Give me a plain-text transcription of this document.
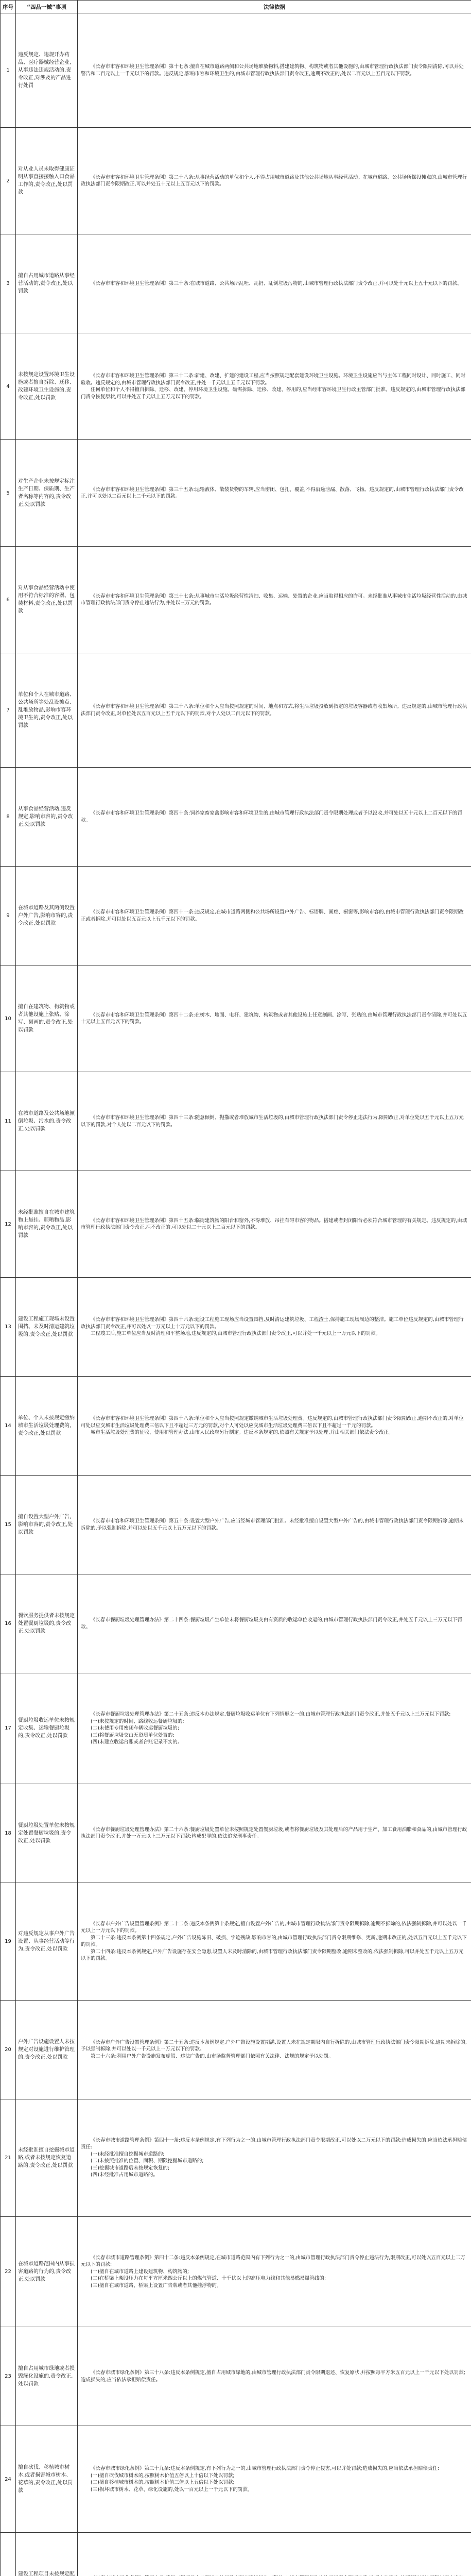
序号	“四品一械”事项	法律依据
1	违反规定、违规开办药品、医疗器械经营企业,从事违法违规活动的,责令改正,对涉及的产品进行处罚	《长春市市容和环境卫生管理条例》第十七条:擅自在城市道路两侧和公共场地堆放物料,搭建建筑物、构筑物或者其他设施的,由城市管理行政执法部门责令限期清除,可以并处警告和二百元以上一千元以下的罚款。违反规定,影响市容和环境卫生的,由城市管理行政执法部门责令改正,逾期不改正的,处以二百元以上五百元以下罚款。

2	对从业人员未取得健康证明从事直接接触入口食品工作的,责令改正,处以罚款	《长春市市容和环境卫生管理条例》第二十八条:从事经营活动的单位和个人,不得占用城市道路及其他公共场地从事经营活动。在城市道路、公共场所摆设摊点的,由城市管理行政执法部门责令限期改正,可以并处五十元以上五百元以下的罚款。

3	擅自占用城市道路从事经营活动的,责令改正,处以罚款	《长春市市容和环境卫生管理条例》第三十条:在城市道路、公共场所乱吐、乱扔、乱倒垃圾污物的,由城市管理行政执法部门责令改正,并可以处十元以上五十元以下的罚款。

4	未按规定设置环境卫生设施或者擅自拆除、迁移、改建环境卫生设施的,责令改正,处以罚款	《长春市市容和环境卫生管理条例》第三十二条:新建、改建、扩建的建设工程,应当按照规定配套建设环境卫生设施。环境卫生设施应当与主体工程同时设计、同时施工、同时验收。违反规定的,由城市管理行政执法部门责令改正,并处一千元以上五千元以下罚款。

任何单位和个人不得擅自拆除、迁移、改建、停用环境卫生设施。确需拆除、迁移、改建、停用的,应当经市容环境卫生行政主管部门批准。违反规定的,由城市管理行政执法部门责令恢复原状,可以并处五千元以上五万元以下的罚款。

5	对生产企业未按规定标注生产日期、保质期、生产者名称等内容的,责令改正,处以罚款	《长春市市容和环境卫生管理条例》第三十五条:运输液体、散装货物的车辆,应当密闭、包扎、覆盖,不得沿途泄漏、散落、飞扬。违反规定的,由城市管理行政执法部门责令改正,并可以处以二百元以上二千元以下的罚款。

6	对从事食品经营活动中使用不符合标准的容器、包装材料,责令改正,处以罚款	《长春市市容和环境卫生管理条例》第三十七条:从事城市生活垃圾经营性清扫、收集、运输、处置的企业,应当取得相应的许可。未经批准从事城市生活垃圾经营性活动的,由城市管理行政执法部门责令停止违法行为,并处以三万元的罚款。

7	单位和个人在城市道路、公共场所等处乱设摊点、乱堆放物品,影响市容环境卫生的,责令改正,处以罚款	《长春市市容和环境卫生管理条例》第三十八条:单位和个人应当按照规定的时间、地点和方式,将生活垃圾投放到指定的垃圾容器或者收集场所。违反规定的,由城市管理行政执法部门责令改正,对单位处以五百元以上五千元以下的罚款,对个人处以二百元以下的罚款。

8	从事食品经营活动,违反规定,影响市容的,责令改正,处以罚款	《长春市市容和环境卫生管理条例》第四十条:饲养家畜家禽影响市容和环境卫生的,由城市管理行政执法部门责令限期处理或者予以没收,并可处以五十元以上二百元以下的罚款。

9	在城市道路及其两侧设置户外广告,影响市容的,责令改正,处以罚款	《长春市市容和环境卫生管理条例》第四十一条:违反规定,在城市道路两侧和公共场所设置户外广告、标语牌、画廊、橱窗等,影响市容的,由城市管理行政执法部门责令限期改正或者拆除,并可以处以五百元以上五千元以下的罚款。

10	擅自在建筑物、构筑物或者其他设施上张贴、涂写、刻画的,责令改正,处以罚款	《长春市市容和环境卫生管理条例》第四十二条:在树木、地面、电杆、建筑物、构筑物或者其他设施上任意刻画、涂写、张贴的,由城市管理行政执法部门责令清除,并可处以五十元以上五百元以下的罚款。

11	在城市道路及公共场地倾倒垃圾、污水的,责令改正,处以罚款	《长春市市容和环境卫生管理条例》第四十三条:随意倾倒、抛撒或者堆放城市生活垃圾的,由城市管理行政执法部门责令停止违法行为,限期改正,对单位处以五千元以上五万元以下的罚款,对个人处以二百元以下的罚款。

12	未经批准擅自在城市建筑物上悬挂、晾晒物品,影响市容的,责令改正,处以罚款	《长春市市容和环境卫生管理条例》第四十五条:临街建筑物的阳台和窗外,不得堆放、吊挂有碍市容的物品。搭建或者封闭阳台必须符合城市管理的有关规定。违反规定的,由城市管理行政执法部门责令改正,拒不改正的,可以处以二十元以上二百元以下的罚款。

13	建设工程施工现场未设置围挡、未及时清运建筑垃圾的,责令改正,处以罚款	《长春市市容和环境卫生管理条例》第四十六条:建设工程施工现场应当设置围挡,及时清运建筑垃圾、工程渣土,保持施工现场周边的整洁。施工单位违反规定的,由城市管理行政执法部门责令改正,并可以处以一万元以上十万元以下的罚款。

工程竣工后,施工单位应当及时清理和平整场地,违反规定的,由城市管理行政执法部门责令改正,可以并处一千元以上一万元以下的罚款。

14	单位、个人未按规定缴纳城市生活垃圾处理费的,责令改正,处以罚款	《长春市市容和环境卫生管理条例》第四十八条:单位和个人应当按照规定缴纳城市生活垃圾处理费。违反规定的,由城市管理行政执法部门责令限期改正,逾期不改正的,对单位可处以应交城市生活垃圾处理费三倍以下且不超过三万元的罚款,对个人可处以应交城市生活垃圾处理费三倍以下且不超过一千元的罚款。

城市生活垃圾处理费的征收、使用和管理办法,由市人民政府另行制定。违反本条规定的,依照有关规定予以处理,并由相关部门依法责令改正。

15	擅自设置大型户外广告,影响市容的,责令改正,处以罚款	《长春市市容和环境卫生管理条例》第五十条:设置大型户外广告,应当经城市管理部门批准。未经批准擅自设置大型户外广告的,由城市管理行政执法部门责令限期拆除,逾期未拆除的,予以强制拆除,并可以处以五千元以上五万元以下的罚款。

16	餐饮服务提供者未按规定处置餐厨垃圾的,责令改正,处以罚款	《长春市餐厨垃圾处理管理办法》第二十四条:餐厨垃圾产生单位未将餐厨垃圾交由有资质的收运单位收运的,由城市管理行政执法部门责令改正,并处五千元以上三万元以下罚款。

17	餐厨垃圾收运单位未按规定收集、运输餐厨垃圾的,责令改正,处以罚款	《长春市餐厨垃圾处理管理办法》第二十五条:违反本办法规定,餐厨垃圾收运单位有下列情形之一的,由城市管理行政执法部门责令改正,并处五千元以上三万元以下罚款:

(一)未按规定的时间、路线收运餐厨垃圾的;

(二)未使用专用密闭车辆收运餐厨垃圾的;

(三)将餐厨垃圾交由无资质单位处置的;

(四)未建立收运台账或者台账记录不实的。

18	餐厨垃圾处置单位未按规定处置餐厨垃圾的,责令改正,处以罚款	《长春市餐厨垃圾处理管理办法》第二十六条:餐厨垃圾处置单位未按照规定处置餐厨垃圾,或者将餐厨垃圾及其处理后的产品用于生产、加工食用油脂和食品的,由城市管理行政执法部门责令改正,并处一万元以上三万元以下罚款;构成犯罪的,依法追究刑事责任。

19	对违反规定从事户外广告设置、从事经营活动等行为,责令改正,处以罚款	《长春市户外广告设置管理条例》第二十二条:违反本条例第十条规定,擅自设置户外广告的,由城市管理行政执法部门责令限期拆除,逾期不拆除的,依法强制拆除,并可以处以一千元以上一万元以下的罚款。

第二十三条:违反本条例第十四条规定,户外广告设施陈旧、破损、字迹残缺,影响市容的,由城市管理行政执法部门责令限期维修、更新,逾期未改正的,处以五百元以上五千元以下的罚款。

第二十四条:违反本条例规定,户外广告设施存在安全隐患,设置人未及时消除的,由城市管理行政执法部门责令限期整改,逾期未整改的,依法强制拆除,可以并处五千元以上五万元以下的罚款。

20	户外广告设施设置人未按规定对设施进行维护管理的,责令改正,处以罚款	《长春市户外广告设置管理条例》第二十五条:违反本条例规定,户外广告设施设置期满,设置人未在规定期限内自行拆除的,由城市管理行政执法部门责令限期拆除,逾期未拆除的,予以强制拆除,并可以处以一千元以上一万元以下的罚款。

第二十六条:利用户外广告设施发布虚假、违法广告的,由市场监督管理部门依照有关法律、法规的规定予以处罚。

21	未经批准擅自挖掘城市道路,或者未按规定恢复道路的,责令改正,处以罚款	《长春市城市道路管理条例》第四十一条:违反本条例规定,有下列行为之一的,由城市管理行政执法部门责令限期改正,可以处以二万元以下的罚款;造成损失的,应当依法承担赔偿责任:

(一)未经批准擅自挖掘城市道路的;

(二)未按照批准的位置、面积、期限挖掘城市道路的;

(三)挖掘城市道路后未按规定恢复的;

(四)未经批准占用城市道路的。

22	在城市道路范围内从事损害道路的行为的,责令改正,处以罚款	《长春市城市道路管理条例》第四十二条:违反本条例规定,在城市道路范围内有下列行为之一的,由城市管理行政执法部门责令停止违法行为,限期改正,可以处以五百元以上二万元以下的罚款:

(一)擅自在城市道路上建设建筑物、构筑物的;

(二)在桥梁上架设压力在每平方厘米四公斤以上的煤气管道、十千伏以上的高压电力线和其他易燃易爆管线的;

(三)擅自在城市道路、桥梁上设置广告牌或者其他挂浮物的。

23	擅自占用城市绿地或者损毁绿化设施的,责令改正,处以罚款	《长春市城市绿化条例》第三十八条:违反本条例规定,擅自占用城市绿地的,由城市管理行政执法部门责令限期退还、恢复原状,并按照每平方米五百元以上一千元以下处以罚款;造成损失的,应当依法承担赔偿责任。

24	擅自砍伐、移植城市树木,或者损害城市树木、花草的,责令改正,处以罚款	《长春市城市绿化条例》第三十九条:违反本条例规定,有下列行为之一的,由城市管理行政执法部门责令停止侵害,可以并处罚款;造成损失的,应当依法承担赔偿责任:

(一)擅自砍伐城市树木的,按照树木价值五倍以上十倍以下处以罚款;

(二)擅自移植城市树木的,按照树木价值三倍以上五倍以下处以罚款;

(三)损坏城市树木、花草、绿化设施的,处以一百元以上一千元以下的罚款。

	建设工程项目未按规定配	
